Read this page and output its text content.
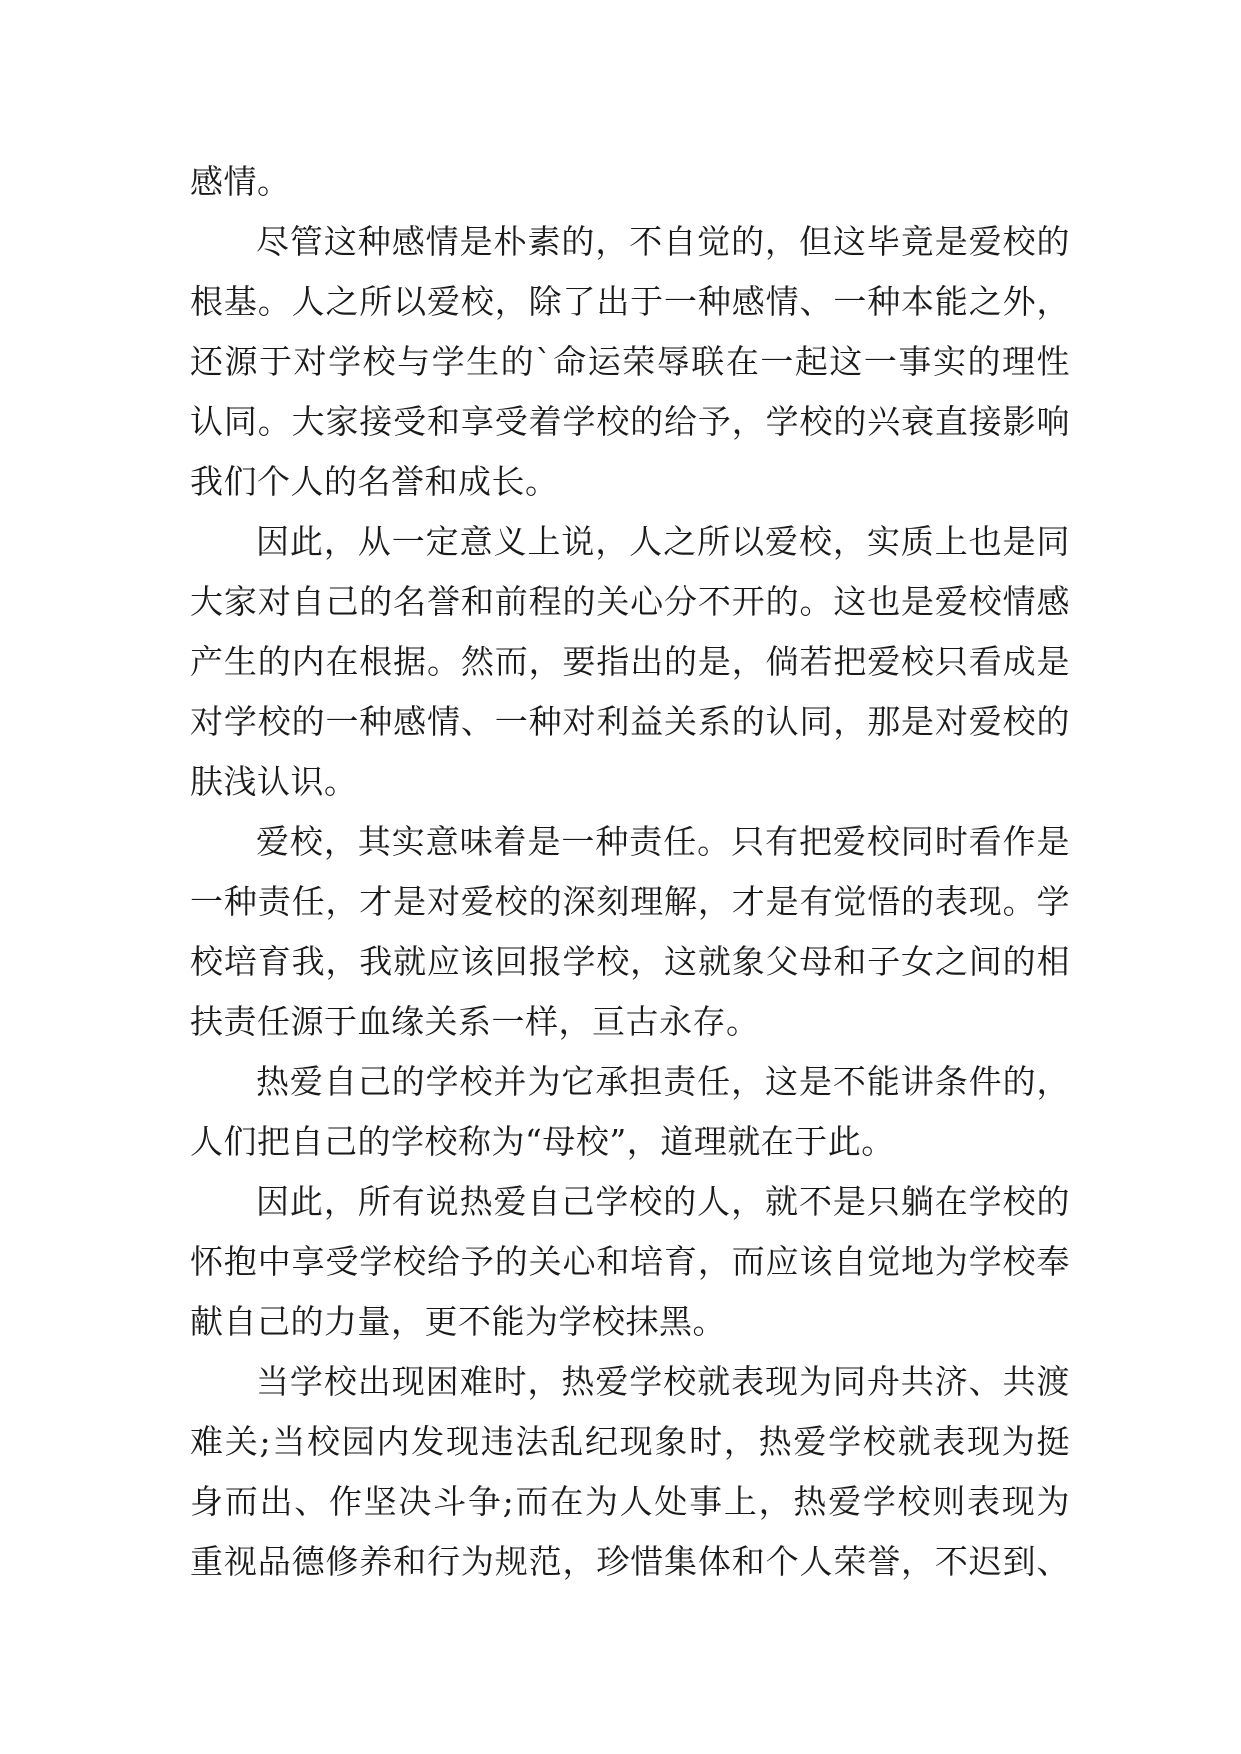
感情。
尽管这种感情是朴素的，不自觉的，但这毕竟是爱校的
根基。人之所以爱校，除了出于一种感情、一种本能之外，
还源于对学校与学生的`命运荣辱联在一起这一事实的理性
认同。大家接受和享受着学校的给予，学校的兴衰直接影响
我们个人的名誉和成长。
因此，从一定意义上说，人之所以爱校，实质上也是同
大家对自己的名誉和前程的关心分不开的。这也是爱校情感
产生的内在根据。然而，要指出的是，倘若把爱校只看成是
对学校的一种感情、一种对利益关系的认同，那是对爱校的
肤浅认识。
爱校，其实意味着是一种责任。只有把爱校同时看作是
一种责任，才是对爱校的深刻理解，才是有觉悟的表现。学
校培育我，我就应该回报学校，这就象父母和子女之间的相
扶责任源于血缘关系一样，亘古永存。
热爱自己的学校并为它承担责任，这是不能讲条件的，
人们把自己的学校称为“母校”，道理就在于此。
因此，所有说热爱自己学校的人，就不是只躺在学校的
怀抱中享受学校给予的关心和培育，而应该自觉地为学校奉
献自己的力量，更不能为学校抹黑。
当学校出现困难时，热爱学校就表现为同舟共济、共渡
难关;当校园内发现违法乱纪现象时，热爱学校就表现为挺
身而出、作坚决斗争;而在为人处事上，热爱学校则表现为
重视品德修养和行为规范，珍惜集体和个人荣誉，不迟到、
